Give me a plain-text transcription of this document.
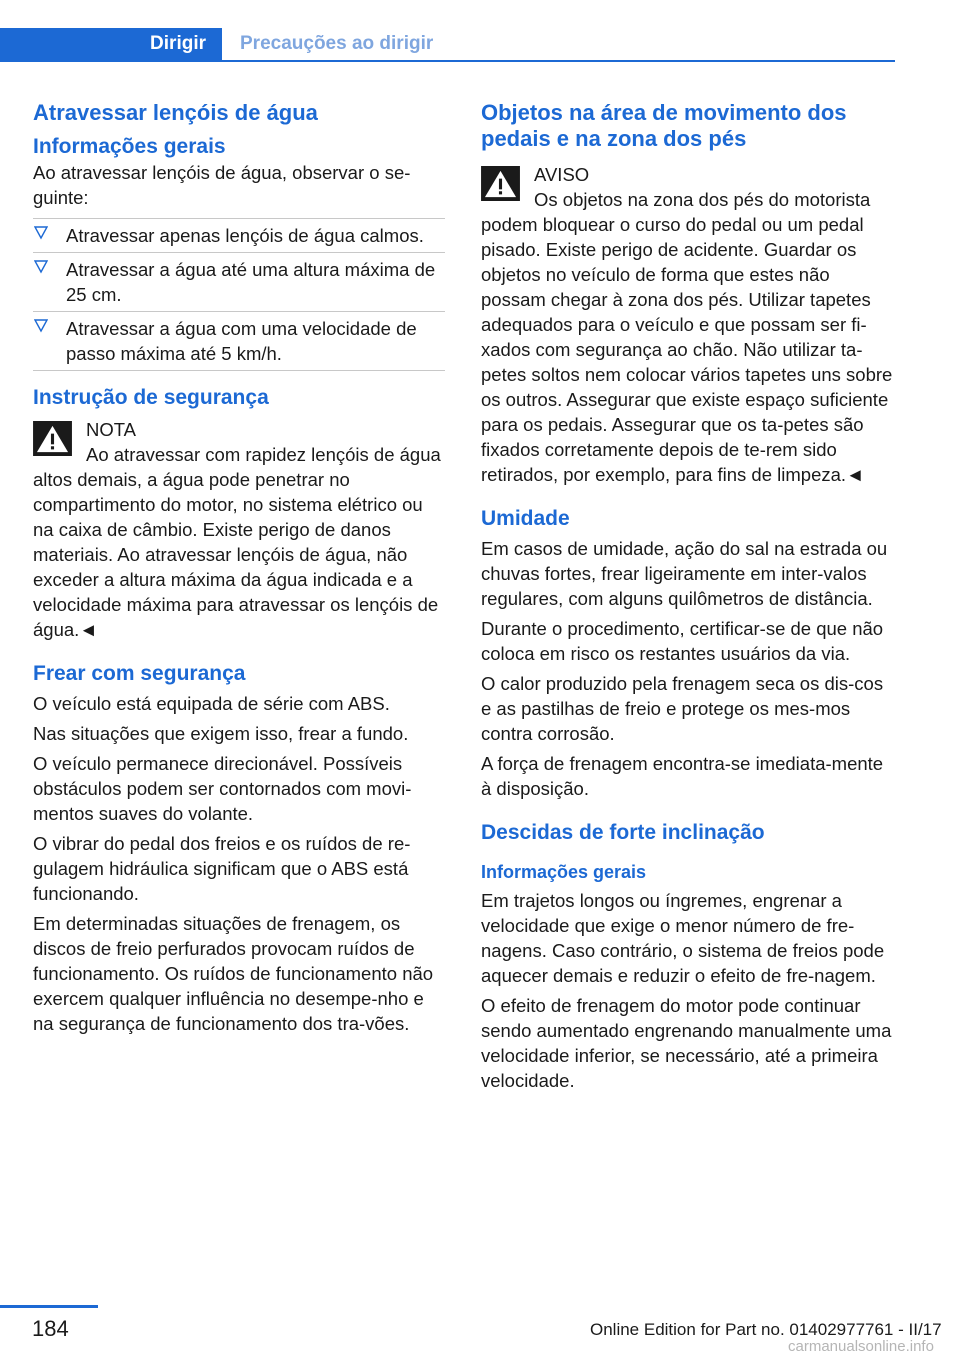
Dirigir	Precauções ao dirigir
Atravessar lençóis de água
Informações gerais

Ao atravessar lençóis de água, observar o se-
guinte:

Atravessar apenas lençóis de água calmos.
Atravessar a água até uma altura máxima de 25 cm.
Atravessar a água com uma velocidade de passo máxima até 5 km/h.
Instrução de segurança
NOTA

Ao atravessar com rapidez lençóis de água altos demais, a água pode penetrar no compartimento do motor, no sistema elétrico ou na caixa de câmbio. Existe perigo de danos materiais. Ao atravessar lençóis de água, não exceder a altura máxima da água indicada e a velocidade máxima para atravessar os lençóis de água.◄

Frear com segurança

O veículo está equipada de série com ABS.

Nas situações que exigem isso, frear a fundo.

O veículo permanece direcionável. Possíveis obstáculos podem ser contornados com movi-mentos suaves do volante.

O vibrar do pedal dos freios e os ruídos de re-gulagem hidráulica significam que o ABS está funcionando.

Em determinadas situações de frenagem, os discos de freio perfurados provocam ruídos de funcionamento. Os ruídos de funcionamento não exercem qualquer influência no desempe-nho e na segurança de funcionamento dos tra-vões.

Objetos na área de movimento dos pedais e na zona dos pés
AVISO

Os objetos na zona dos pés do motorista podem bloquear o curso do pedal ou um pedal pisado. Existe perigo de acidente. Guardar os objetos no veículo de forma que estes não possam chegar à zona dos pés. Utilizar tapetes adequados para o veículo e que possam ser fi-xados com segurança ao chão. Não utilizar ta-petes soltos nem colocar vários tapetes uns sobre os outros. Assegurar que existe espaço suficiente para os pedais. Assegurar que os ta-petes são fixados corretamente depois de te-rem sido retirados, por exemplo, para fins de limpeza.◄

Umidade

Em casos de umidade, ação do sal na estrada ou chuvas fortes, frear ligeiramente em inter-valos regulares, com alguns quilômetros de distância.

Durante o procedimento, certificar-se de que não coloca em risco os restantes usuários da via.

O calor produzido pela frenagem seca os dis-cos e as pastilhas de freio e protege os mes-mos contra corrosão.

A força de frenagem encontra-se imediata-mente à disposição.

Descidas de forte inclinação
Informações gerais

Em trajetos longos ou íngremes, engrenar a velocidade que exige o menor número de fre-nagens. Caso contrário, o sistema de freios pode aquecer demais e reduzir o efeito de fre-nagem.

O efeito de frenagem do motor pode continuar sendo aumentado engrenando manualmente uma velocidade inferior, se necessário, até a primeira velocidade.

184	Online Edition for Part no. 01402977761 - II/17
carmanualsonline.info
